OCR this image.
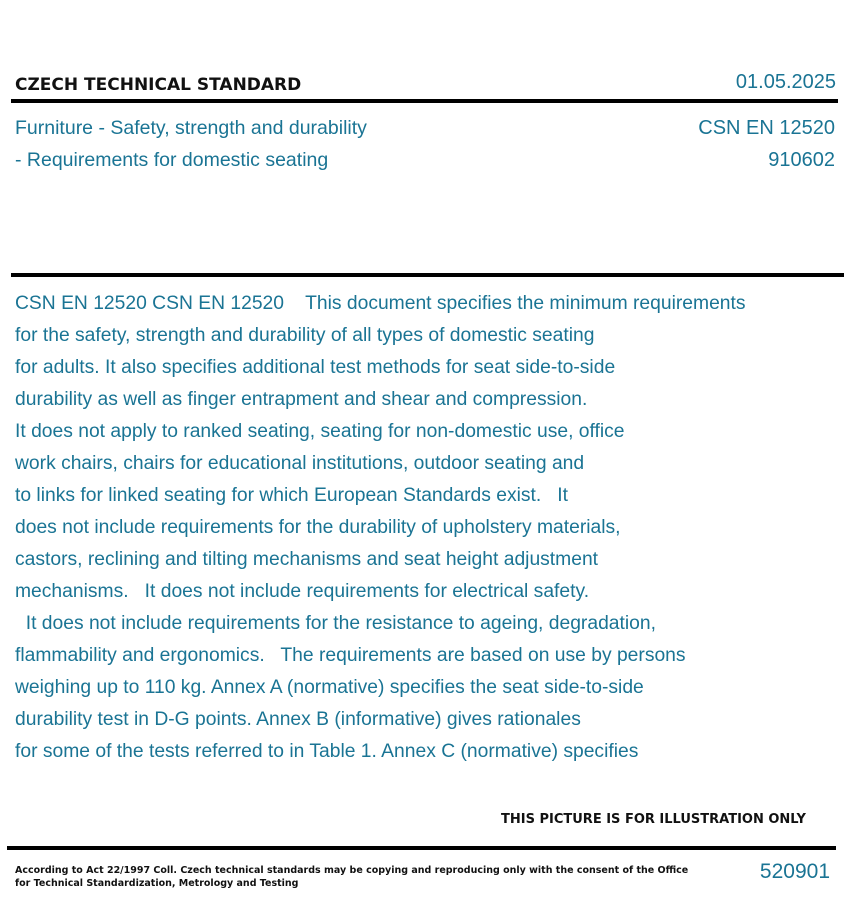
CZECH TECHNICAL STANDARD	01.05.2025
Furniture - Safety, strength and durability
- Requirements for domestic seating
CSN EN 12520
910602
CSN EN 12520 CSN EN 12520    This document specifies the minimum requirements
for the safety, strength and durability of all types of domestic seating
for adults. It also specifies additional test methods for seat side-to-side
durability as well as finger entrapment and shear and compression.
It does not apply to ranked seating, seating for non-domestic use, office
work chairs, chairs for educational institutions, outdoor seating and
to links for linked seating for which European Standards exist.   It
does not include requirements for the durability of upholstery materials,
castors, reclining and tilting mechanisms and seat height adjustment
mechanisms.   It does not include requirements for electrical safety.
It does not include requirements for the resistance to ageing, degradation,
flammability and ergonomics.   The requirements are based on use by persons
weighing up to 110 kg. Annex A (normative) specifies the seat side-to-side
durability test in D-G points. Annex B (informative) gives rationales
for some of the tests referred to in Table 1. Annex C (normative) specifies
THIS PICTURE IS FOR ILLUSTRATION ONLY
According to Act 22/1997 Coll. Czech technical standards may be copying and reproducing only with the consent of the Office
for Technical Standardization, Metrology and Testing
520901
